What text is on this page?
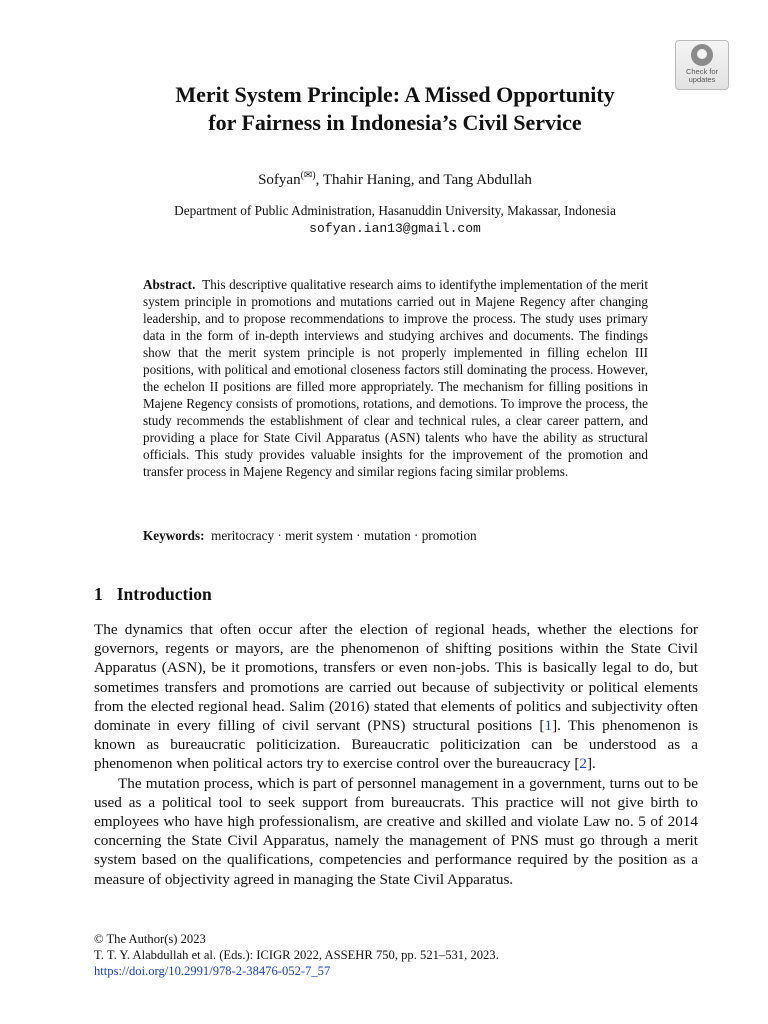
Check for
updates
Merit System Principle: A Missed Opportunity
for Fairness in Indonesia’s Civil Service
Sofyan(✉), Thahir Haning, and Tang Abdullah
Department of Public Administration, Hasanuddin University, Makassar, Indonesia
sofyan.ian13@gmail.com

Abstract. This descriptive qualitative research aims to identifythe implementation of the merit system principle in promotions and mutations carried out in Majene Regency after changing leadership, and to propose recommendations to improve the process. The study uses primary data in the form of in-depth interviews and studying archives and documents. The findings show that the merit system principle is not properly implemented in filling echelon III positions, with political and emotional closeness factors still dominating the process. However, the echelon II positions are filled more appropriately. The mechanism for filling positions in Majene Regency consists of promotions, rotations, and demotions. To improve the process, the study recommends the establishment of clear and technical rules, a clear career pattern, and providing a place for State Civil Apparatus (ASN) talents who have the ability as structural officials. This study provides valuable insights for the improvement of the promotion and transfer process in Majene Regency and similar regions facing similar problems.

Keywords: meritocracy · merit system · mutation · promotion
1 Introduction

The dynamics that often occur after the election of regional heads, whether the elections for governors, regents or mayors, are the phenomenon of shifting positions within the State Civil Apparatus (ASN), be it promotions, transfers or even non-jobs. This is basically legal to do, but sometimes transfers and promotions are carried out because of subjectivity or political elements from the elected regional head. Salim (2016) stated that elements of politics and subjectivity often dominate in every filling of civil servant (PNS) structural positions [1]. This phenomenon is known as bureaucratic politicization. Bureaucratic politicization can be understood as a phenomenon when political actors try to exercise control over the bureaucracy [2].

The mutation process, which is part of personnel management in a government, turns out to be used as a political tool to seek support from bureaucrats. This practice will not give birth to employees who have high professionalism, are creative and skilled and violate Law no. 5 of 2014 concerning the State Civil Apparatus, namely the management of PNS must go through a merit system based on the qualifications, competencies and performance required by the position as a measure of objectivity agreed in managing the State Civil Apparatus.

© The Author(s) 2023
T. T. Y. Alabdullah et al. (Eds.): ICIGR 2022, ASSEHR 750, pp. 521–531, 2023.
https://doi.org/10.2991/978-2-38476-052-7_57
